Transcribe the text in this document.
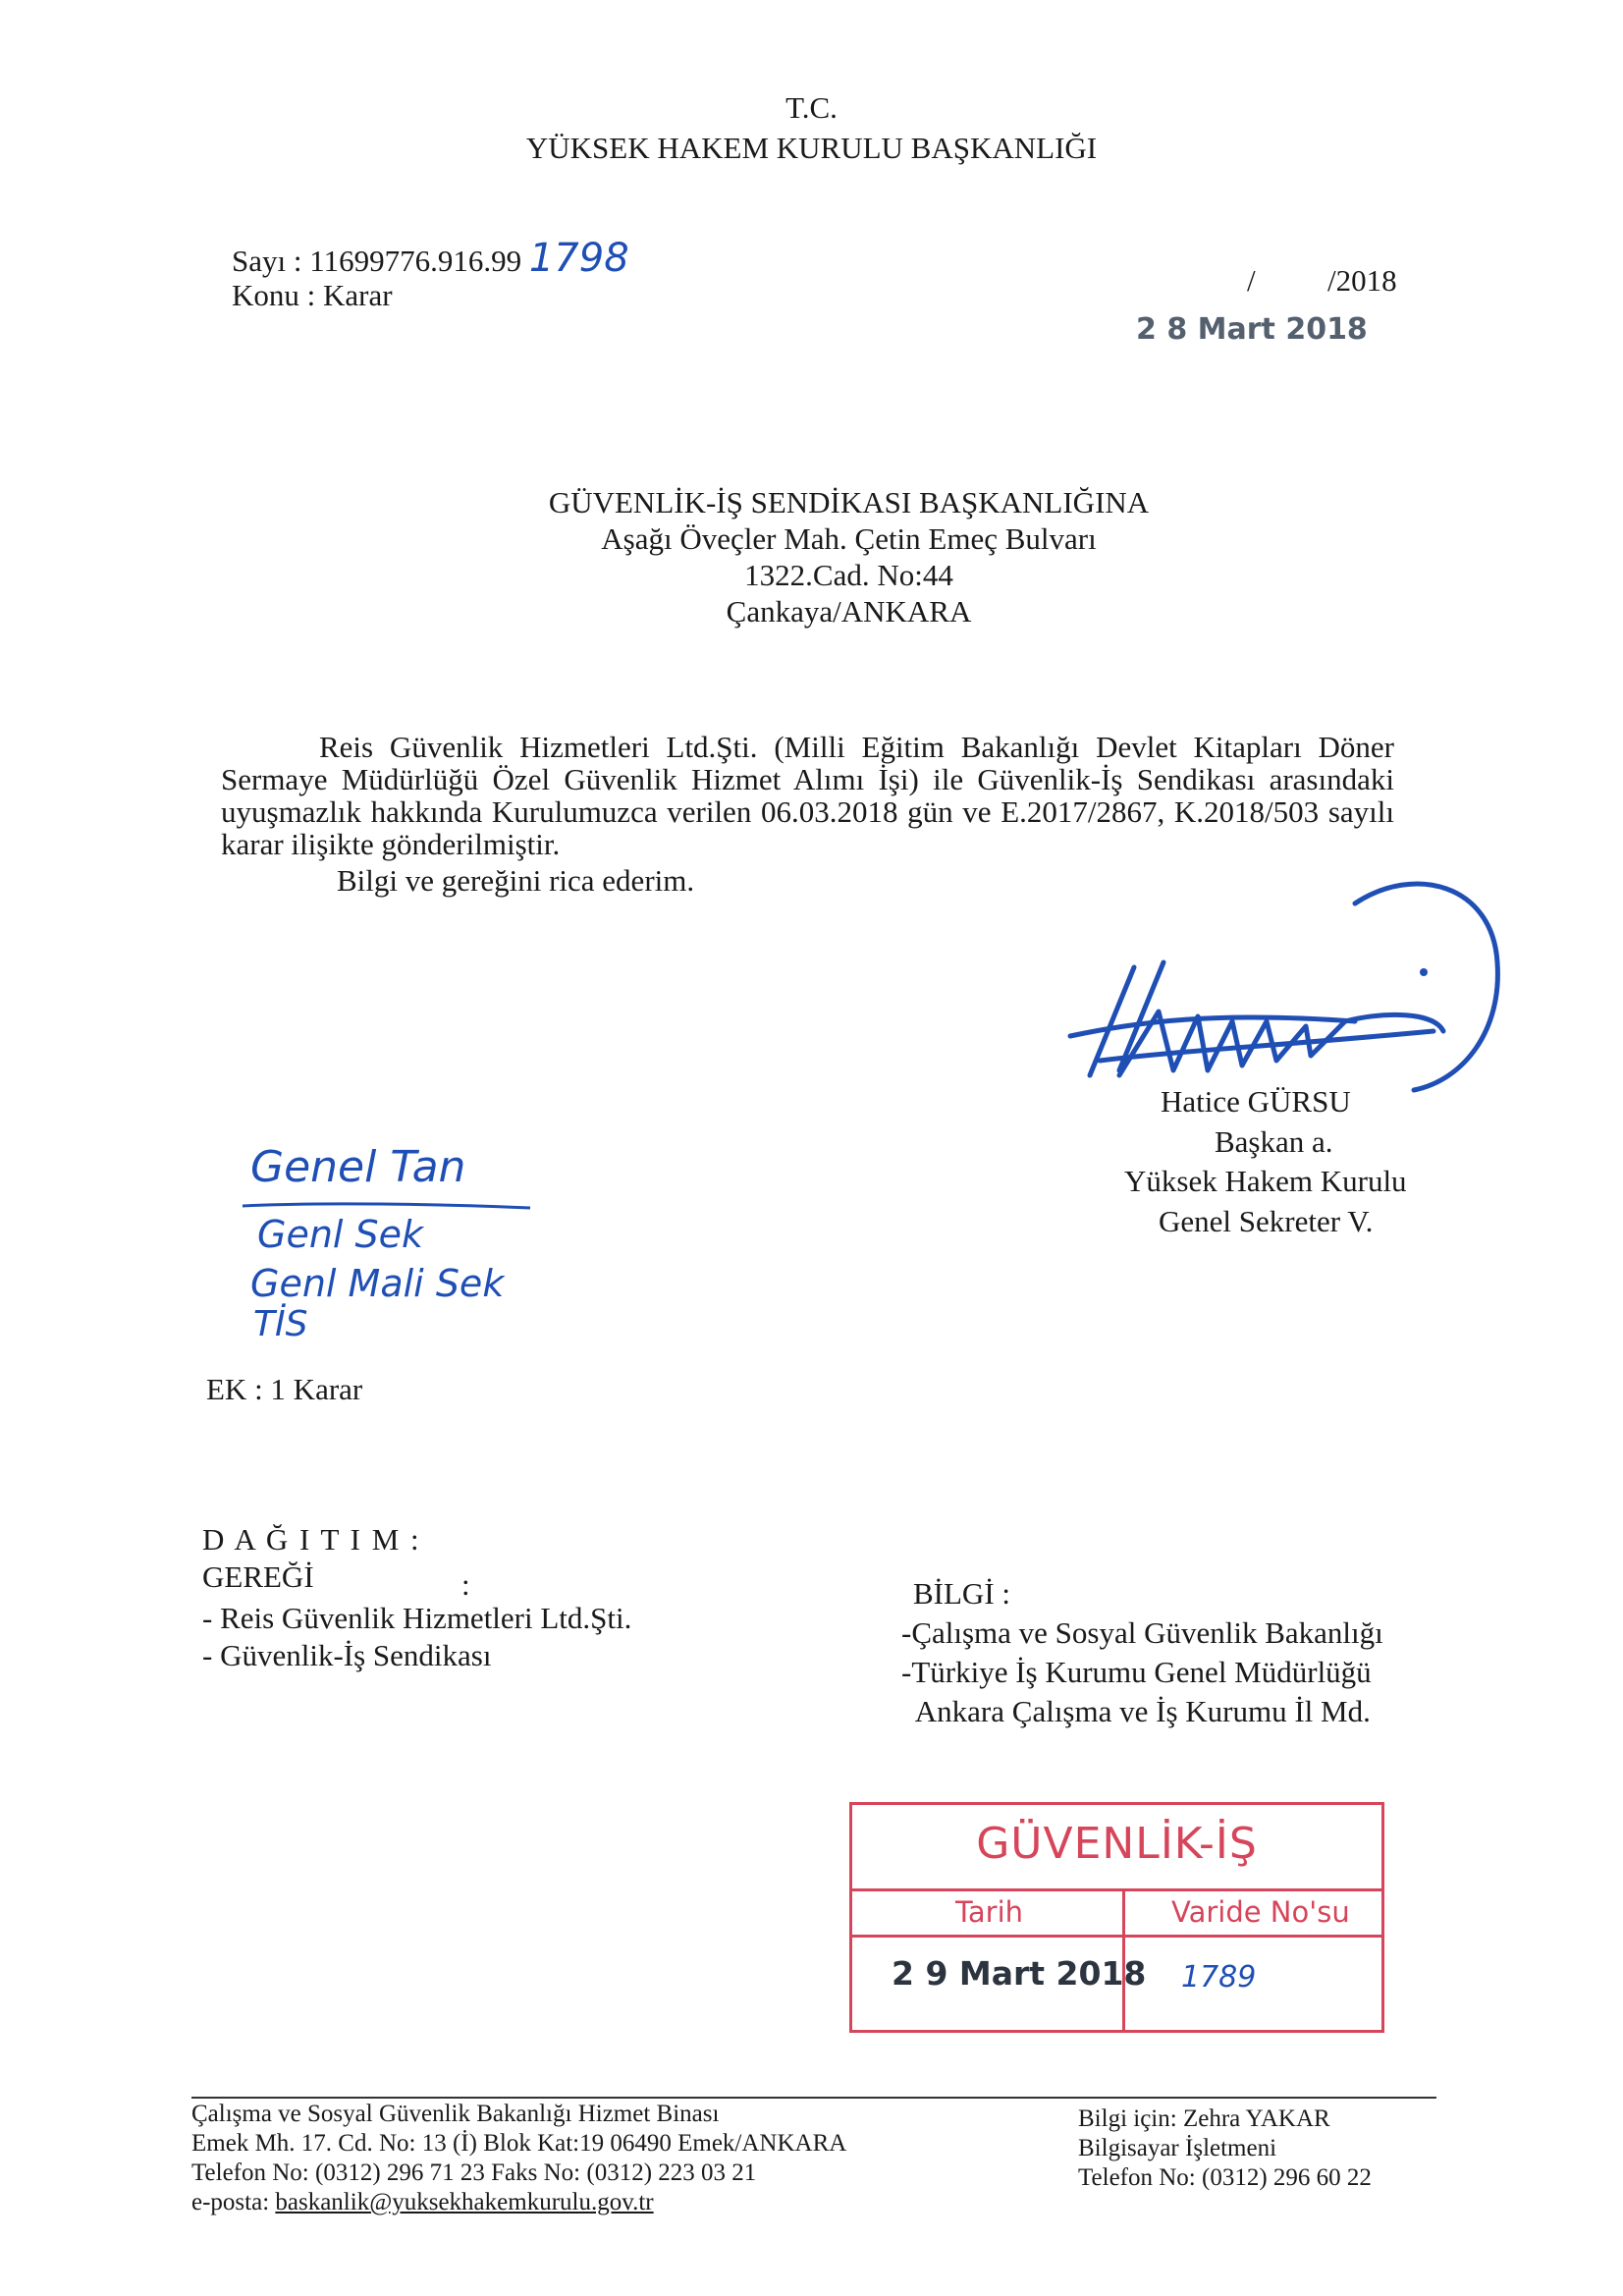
T.C.
YÜKSEK HAKEM KURULU BAŞKANLIĞI
Sayı : 11699776.916.99 1798
Konu : Karar	/ /2018
2 8 Mart 2018
GÜVENLİK-İŞ SENDİKASI BAŞKANLIĞINA
Aşağı Öveçler Mah. Çetin Emeç Bulvarı
1322.Cad. No:44
Çankaya/ANKARA

Reis Güvenlik Hizmetleri Ltd.Şti. (Milli Eğitim Bakanlığı Devlet Kitapları Döner Sermaye Müdürlüğü Özel Güvenlik Hizmet Alımı İşi) ile Güvenlik-İş Sendikası arasındaki uyuşmazlık hakkında Kurulumuzca verilen 06.03.2018 gün ve E.2017/2867, K.2018/503 sayılı karar ilişikte gönderilmiştir.

Bilgi ve gereğini rica ederim.

Hatice GÜRSU
Başkan a.
Yüksek Hakem Kurulu
Genel Sekreter V.
Genel Tan
Genl Sek
Genl Mali Sek
TİS
EK : 1 Karar
D A Ğ I T I M :
GEREĞİ	:
- Reis Güvenlik Hizmetleri Ltd.Şti.
- Güvenlik-İş Sendikası
BİLGİ :
-Çalışma ve Sosyal Güvenlik Bakanlığı
-Türkiye İş Kurumu Genel Müdürlüğü
Ankara Çalışma ve İş Kurumu İl Md.
GÜVENLİK-İŞ
Tarih	Varide No'su
2 9 Mart 2018 1789
Çalışma ve Sosyal Güvenlik Bakanlığı Hizmet Binası
Emek Mh. 17. Cd. No: 13 (İ) Blok Kat:19 06490 Emek/ANKARA
Telefon No: (0312) 296 71 23 Faks No: (0312) 223 03 21
e-posta: baskanlik@yuksekhakemkurulu.gov.tr
Bilgi için: Zehra YAKAR
Bilgisayar İşletmeni
Telefon No: (0312) 296 60 22
